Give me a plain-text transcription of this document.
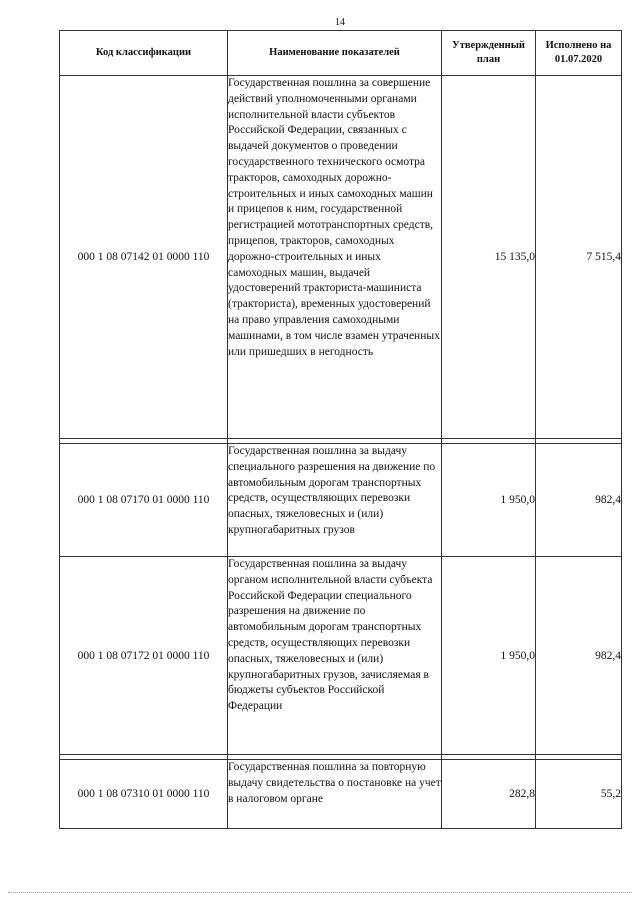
14
Код классификации	Наименование показателей	Утвержденный план	Исполнено на 01.07.2020
000 1 08 07142 01 0000 110	Государственная пошлина за совершение действий уполномоченными органами исполнительной власти субъектов Российской Федерации, связанных с выдачей документов о проведении государственного технического осмотра тракторов, самоходных дорожно-строительных и иных самоходных машин и прицепов к ним, государственной регистрацией мототранспортных средств, прицепов, тракторов, самоходных дорожно-строительных и иных самоходных машин, выдачей удостоверений тракториста-машиниста (тракториста), временных удостоверений на право управления самоходными машинами, в том числе взамен утраченных или пришедших в негодность	15 135,0	7 515,4

000 1 08 07170 01 0000 110	Государственная пошлина за выдачу специального разрешения на движение по автомобильным дорогам транспортных средств, осуществляющих перевозки опасных, тяжеловесных и (или) крупногабаритных грузов	1 950,0	982,4
000 1 08 07172 01 0000 110	Государственная пошлина за выдачу органом исполнительной власти субъекта Российской Федерации специального разрешения на движение по автомобильным дорогам транспортных средств, осуществляющих перевозки опасных, тяжеловесных и (или) крупногабаритных грузов, зачисляемая в бюджеты субъектов Российской Федерации	1 950,0	982,4

000 1 08 07310 01 0000 110	Государственная пошлина за повторную выдачу свидетельства о постановке на учет в налоговом органе	282,8	55,2
